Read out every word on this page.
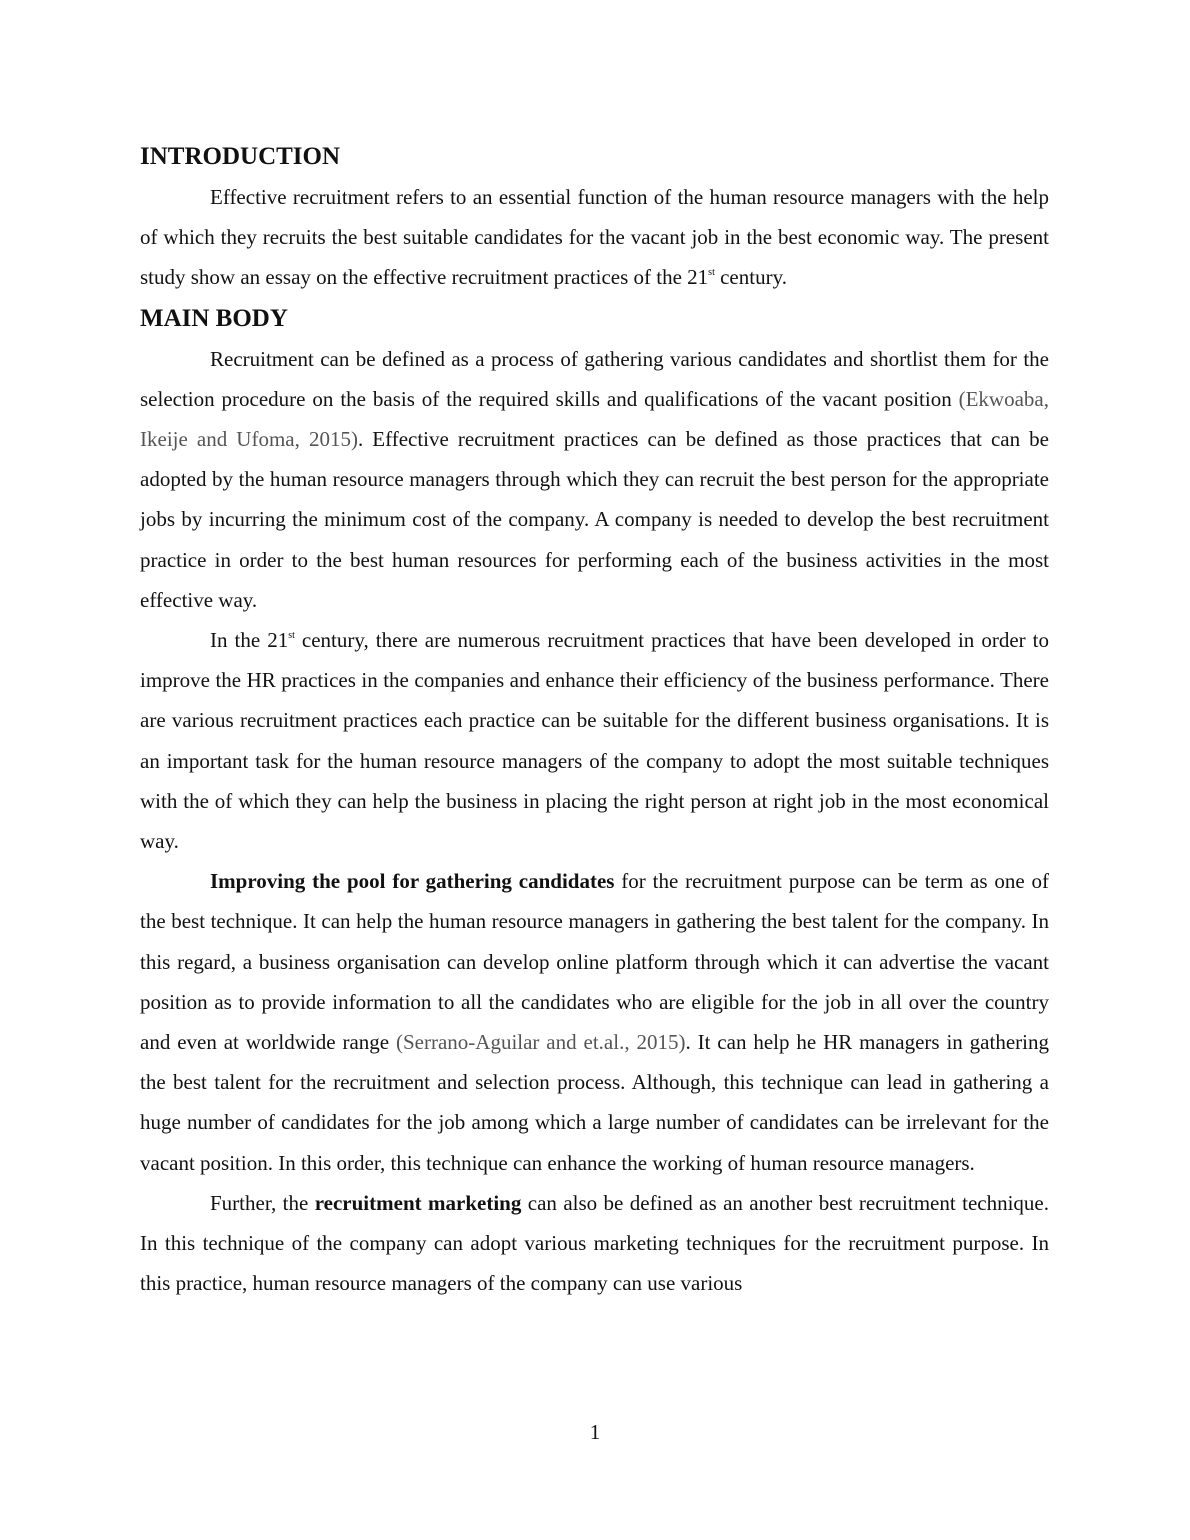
INTRODUCTION

Effective recruitment refers to an essential function of the human resource managers with the help of which they recruits the best suitable candidates for the vacant job in the best economic way. The present study show an essay on the effective recruitment practices of the 21st century.

MAIN BODY

Recruitment can be defined as a process of gathering various candidates and shortlist them for the selection procedure on the basis of the required skills and qualifications of the vacant position (Ekwoaba, Ikeije and Ufoma, 2015). Effective recruitment practices can be defined as those practices that can be adopted by the human resource managers through which they can recruit the best person for the appropriate jobs by incurring the minimum cost of the company. A company is needed to develop the best recruitment practice in order to the best human resources for performing each of the business activities in the most effective way.

In the 21st century, there are numerous recruitment practices that have been developed in order to improve the HR practices in the companies and enhance their efficiency of the business performance. There are various recruitment practices each practice can be suitable for the different business organisations. It is an important task for the human resource managers of the company to adopt the most suitable techniques with the of which they can help the business in placing the right person at right job in the most economical way.

Improving the pool for gathering candidates for the recruitment purpose can be term as one of the best technique. It can help the human resource managers in gathering the best talent for the company. In this regard, a business organisation can develop online platform through which it can advertise the vacant position as to provide information to all the candidates who are eligible for the job in all over the country and even at worldwide range (Serrano-Aguilar and et.al., 2015). It can help he HR managers in gathering the best talent for the recruitment and selection process. Although, this technique can lead in gathering a huge number of candidates for the job among which a large number of candidates can be irrelevant for the vacant position. In this order, this technique can enhance the working of human resource managers.

Further, the recruitment marketing can also be defined as an another best recruitment technique. In this technique of the company can adopt various marketing techniques for the recruitment purpose. In this practice, human resource managers of the company can use various

1
